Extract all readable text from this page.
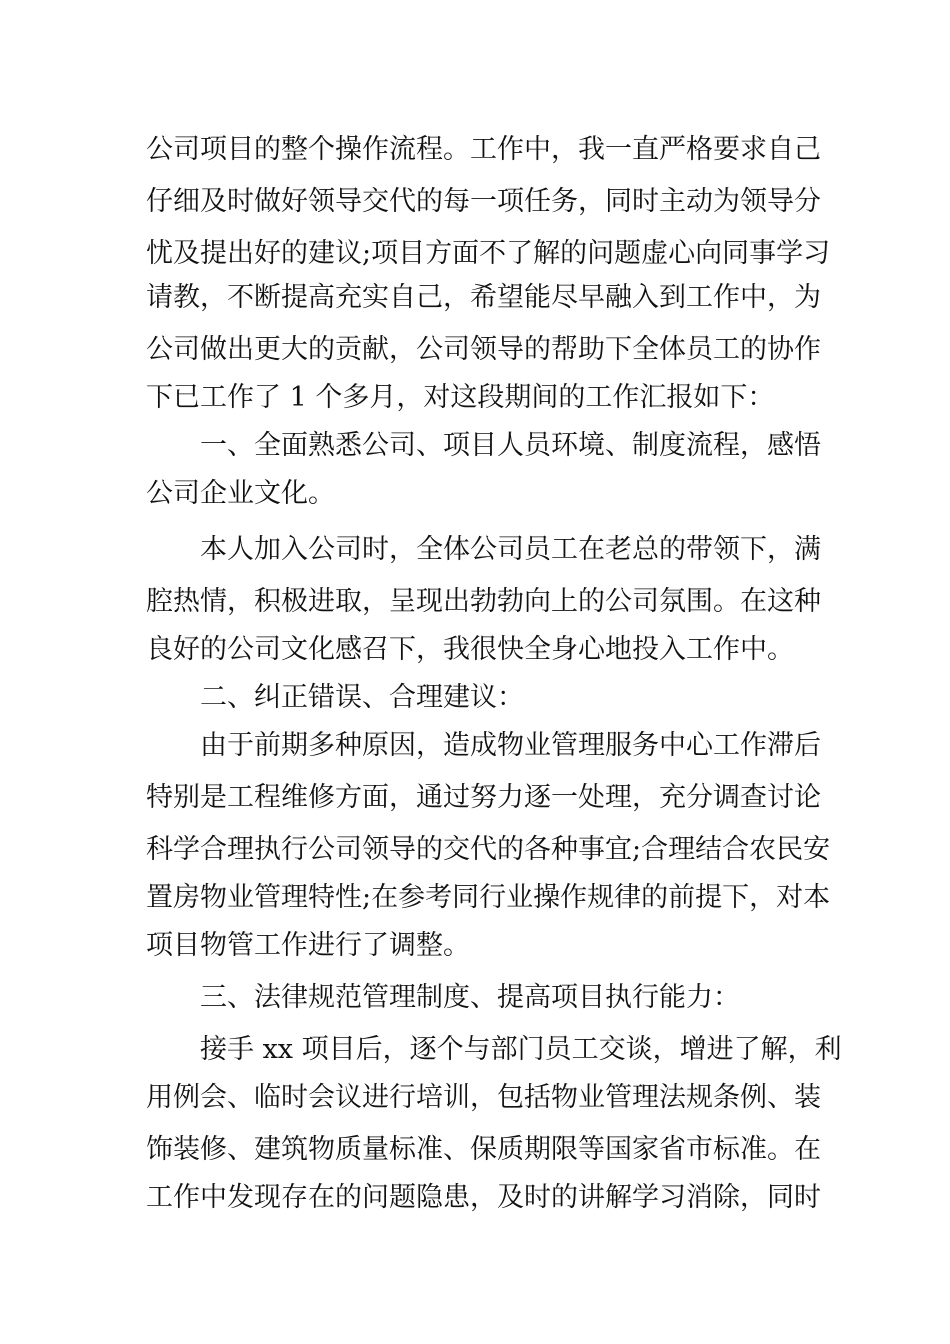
公司项目的整个操作流程。工作中，我一直严格要求自己
仔细及时做好领导交代的每一项任务，同时主动为领导分
忧及提出好的建议;项目方面不了解的问题虚心向同事学习
请教，不断提高充实自己，希望能尽早融入到工作中，为
公司做出更大的贡献，公司领导的帮助下全体员工的协作
下已工作了 1 个多月，对这段期间的工作汇报如下：
一、全面熟悉公司、项目人员环境、制度流程，感悟
公司企业文化。
本人加入公司时，全体公司员工在老总的带领下，满
腔热情，积极进取，呈现出勃勃向上的公司氛围。在这种
良好的公司文化感召下，我很快全身心地投入工作中。
二、纠正错误、合理建议：
由于前期多种原因，造成物业管理服务中心工作滞后
特别是工程维修方面，通过努力逐一处理，充分调查讨论
科学合理执行公司领导的交代的各种事宜;合理结合农民安
置房物业管理特性;在参考同行业操作规律的前提下，对本
项目物管工作进行了调整。
三、法律规范管理制度、提高项目执行能力：
接手 xx 项目后，逐个与部门员工交谈，增进了解，利
用例会、临时会议进行培训，包括物业管理法规条例、装
饰装修、建筑物质量标准、保质期限等国家省市标准。在
工作中发现存在的问题隐患，及时的讲解学习消除，同时
